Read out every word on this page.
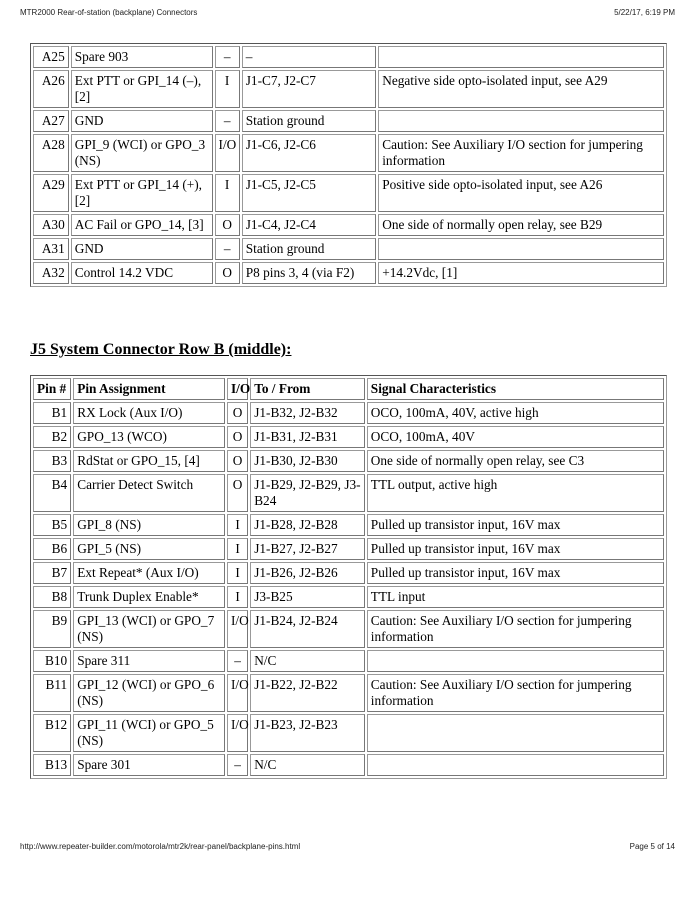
MTR2000 Rear-of-station (backplane) Connectors	5/22/17, 6:19 PM
A25	Spare 903	–	–	
A26	Ext PTT or GPI_14 (–), [2]	I	J1-C7, J2-C7	Negative side opto-isolated input, see A29
A27	GND	–	Station ground	
A28	GPI_9 (WCI) or GPO_3 (NS)	I/O	J1-C6, J2-C6	Caution: See Auxiliary I/O section for jumpering information
A29	Ext PTT or GPI_14 (+), [2]	I	J1-C5, J2-C5	Positive side opto-isolated input, see A26
A30	AC Fail or GPO_14, [3]	O	J1-C4, J2-C4	One side of normally open relay, see B29
A31	GND	–	Station ground	
A32	Control 14.2 VDC	O	P8 pins 3, 4 (via F2)	+14.2Vdc, [1]
J5 System Connector Row B (middle):
Pin #	Pin Assignment	I/O	To / From	Signal Characteristics
B1	RX Lock (Aux I/O)	O	J1-B32, J2-B32	OCO, 100mA, 40V, active high
B2	GPO_13 (WCO)	O	J1-B31, J2-B31	OCO, 100mA, 40V
B3	RdStat or GPO_15, [4]	O	J1-B30, J2-B30	One side of normally open relay, see C3
B4	Carrier Detect Switch	O	J1-B29, J2-B29, J3-B24	TTL output, active high
B5	GPI_8 (NS)	I	J1-B28, J2-B28	Pulled up transistor input, 16V max
B6	GPI_5 (NS)	I	J1-B27, J2-B27	Pulled up transistor input, 16V max
B7	Ext Repeat* (Aux I/O)	I	J1-B26, J2-B26	Pulled up transistor input, 16V max
B8	Trunk Duplex Enable*	I	J3-B25	TTL input
B9	GPI_13 (WCI) or GPO_7 (NS)	I/O	J1-B24, J2-B24	Caution: See Auxiliary I/O section for jumpering information
B10	Spare 311	–	N/C	
B11	GPI_12 (WCI) or GPO_6 (NS)	I/O	J1-B22, J2-B22	Caution: See Auxiliary I/O section for jumpering information
B12	GPI_11 (WCI) or GPO_5 (NS)	I/O	J1-B23, J2-B23	
B13	Spare 301	–	N/C	
http://www.repeater-builder.com/motorola/mtr2k/rear-panel/backplane-pins.html	Page 5 of 14
